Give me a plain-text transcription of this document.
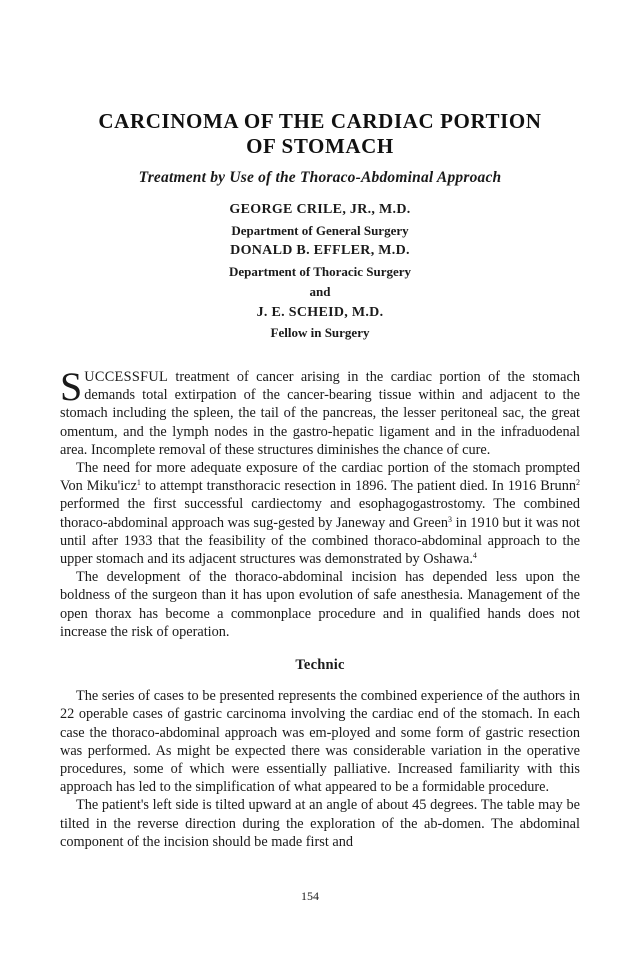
CARCINOMA OF THE CARDIAC PORTION
OF STOMACH
Treatment by Use of the Thoraco-Abdominal Approach
GEORGE CRILE, JR., M.D.
Department of General Surgery
DONALD B. EFFLER, M.D.
Department of Thoracic Surgery
and
J. E. SCHEID, M.D.
Fellow in Surgery

SUCCESSFUL treatment of cancer arising in the cardiac portion of the stomach demands total extirpation of the cancer-bearing tissue within and adjacent to the stomach including the spleen, the tail of the pancreas, the lesser peritoneal sac, the great omentum, and the lymph nodes in the gastro-hepatic ligament and in the infraduodenal area. Incomplete removal of these structures diminishes the chance of cure.

The need for more adequate exposure of the cardiac portion of the stomach prompted Von Miku'icz$^1$ to attempt transthoracic resection in 1896. The patient died. In 1916 Brunn$^2$ performed the first successful cardiectomy and esophagogastrostomy. The combined thoraco-abdominal approach was sug-gested by Janeway and Green$^3$ in 1910 but it was not until after 1933 that the feasibility of the combined thoraco-abdominal approach to the upper stomach and its adjacent structures was demonstrated by Oshawa.$^4$

The development of the thoraco-abdominal incision has depended less upon the boldness of the surgeon than it has upon evolution of safe anesthesia. Management of the open thorax has become a commonplace procedure and in qualified hands does not increase the risk of operation.

Technic

The series of cases to be presented represents the combined experience of the authors in 22 operable cases of gastric carcinoma involving the cardiac end of the stomach. In each case the thoraco-abdominal approach was em-ployed and some form of gastric resection was performed. As might be expected there was considerable variation in the operative procedures, some of which were essentially palliative. Increased familiarity with this approach has led to the simplification of what appeared to be a formidable procedure.

The patient's left side is tilted upward at an angle of about 45 degrees. The table may be tilted in the reverse direction during the exploration of the ab-domen. The abdominal component of the incision should be made first and

154
